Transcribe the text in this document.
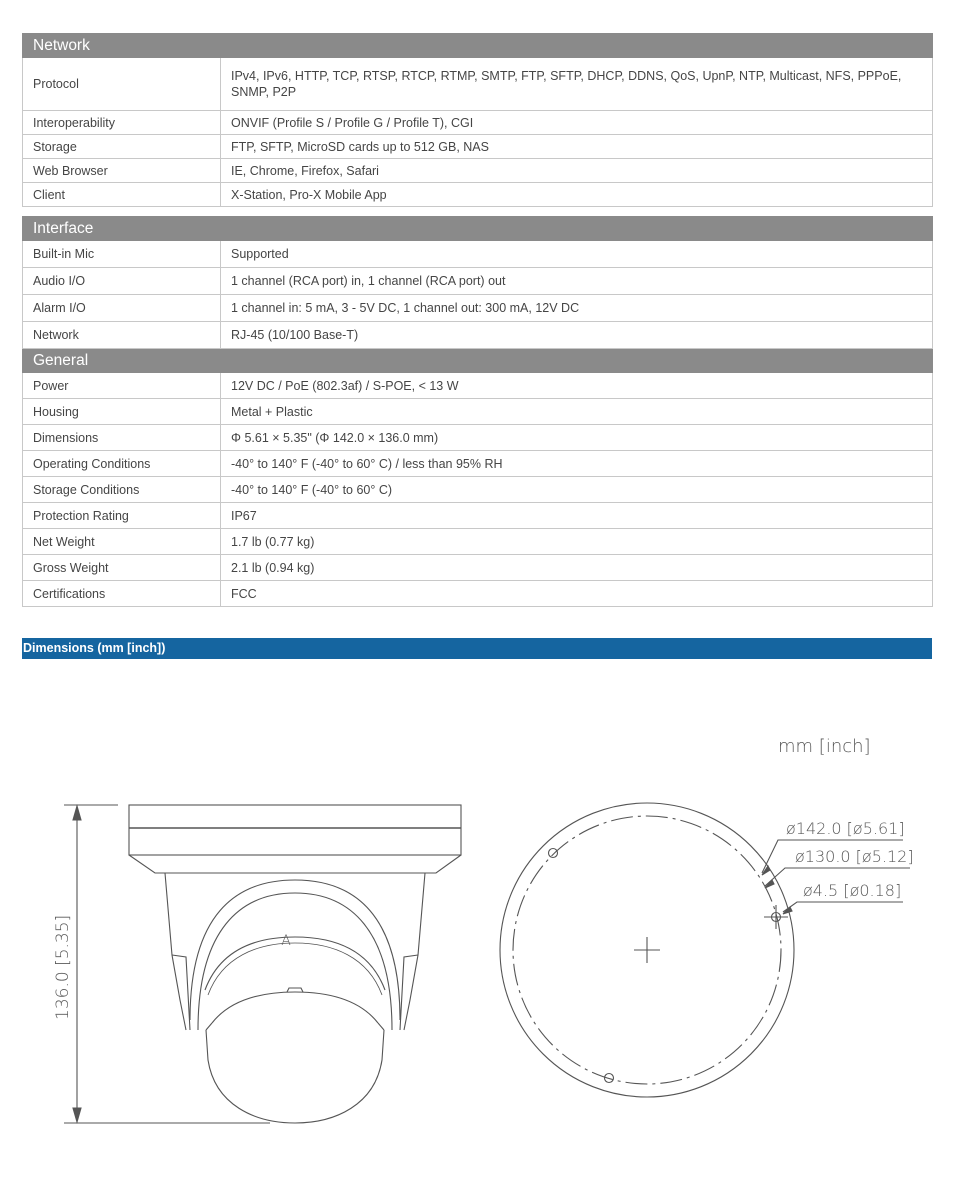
Network	
Protocol	IPv4, IPv6, HTTP, TCP, RTSP, RTCP, RTMP, SMTP, FTP, SFTP, DHCP, DDNS, QoS, UpnP, NTP, Multicast, NFS, PPPoE,
SNMP, P2P

Interoperability	ONVIF (Profile S / Profile G / Profile T), CGI
Storage	FTP, SFTP, MicroSD cards up to 512 GB, NAS
Web Browser	IE, Chrome, Firefox, Safari
Client	X-Station, Pro-X Mobile App
Interface	
Built-in Mic	Supported
Audio I/O	1 channel (RCA port) in, 1 channel (RCA port) out
Alarm I/O	1 channel in: 5 mA, 3 - 5V DC, 1 channel out: 300 mA, 12V DC
Network	RJ-45 (10/100 Base-T)
General	
Power	12V DC / PoE (802.3af) / S-POE, < 13 W
Housing	Metal + Plastic
Dimensions	Φ 5.61 × 5.35" (Φ 142.0 × 136.0 mm)
Operating Conditions	-40° to 140° F (-40° to 60° C) / less than 95% RH
Storage Conditions	-40° to 140° F (-40° to 60° C)
Protection Rating	IP67
Net Weight	1.7 lb (0.77 kg)
Gross Weight	2.1 lb (0.94 kg)
Certifications	FCC
Dimensions (mm [inch])
A
136.0 [5.35]
mm [inch]
ø142.0 [ø5.61]
ø130.0 [ø5.12]
ø4.5 [ø0.18]
